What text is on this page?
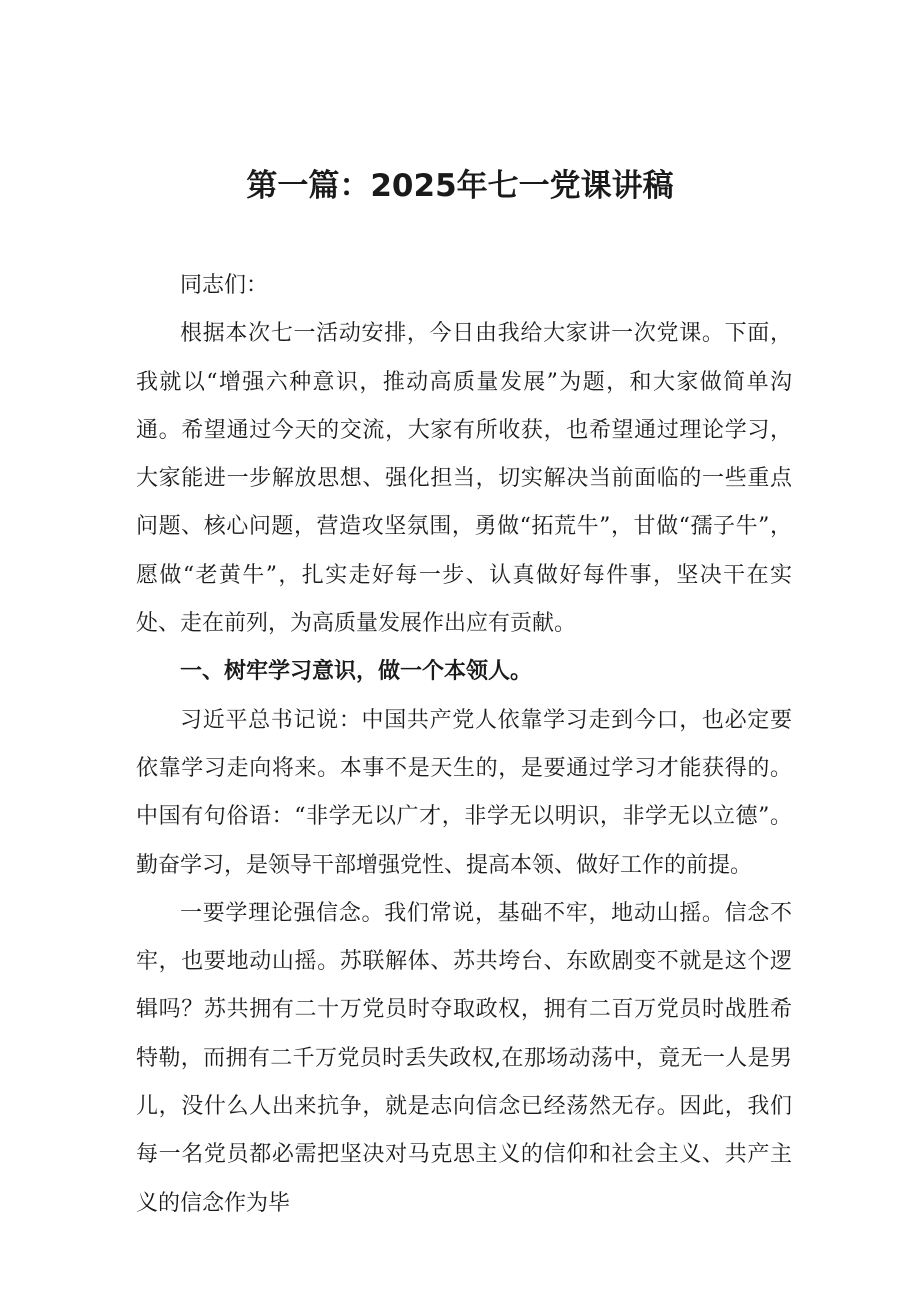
第一篇：2025年七一党课讲稿

同志们：

根据本次七一活动安排，今日由我给大家讲一次党课。下面，我就以“增强六种意识，推动高质量发展”为题，和大家做简单沟通。希望通过今天的交流，大家有所收获，也希望通过理论学习，大家能进一步解放思想、强化担当，切实解决当前面临的一些重点问题、核心问题，营造攻坚氛围，勇做“拓荒牛”，甘做“孺子牛”，愿做“老黄牛”，扎实走好每一步、认真做好每件事，坚决干在实处、走在前列，为高质量发展作出应有贡献。

一、树牢学习意识，做一个本领人。

习近平总书记说：中国共产党人依靠学习走到今口，也必定要依靠学习走向将来。本事不是天生的，是要通过学习才能获得的。中国有句俗语：“非学无以广才，非学无以明识，非学无以立德”。勤奋学习，是领导干部增强党性、提高本领、做好工作的前提。

一要学理论强信念。我们常说，基础不牢，地动山摇。信念不牢，也要地动山摇。苏联解体、苏共垮台、东欧剧变不就是这个逻辑吗？苏共拥有二十万党员时夺取政权，拥有二百万党员时战胜希特勒，而拥有二千万党员时丢失政权,在那场动荡中，竟无一人是男儿，没什么人出来抗争，就是志向信念已经荡然无存。因此，我们每一名党员都必需把坚决对马克思主义的信仰和社会主义、共产主义的信念作为毕
